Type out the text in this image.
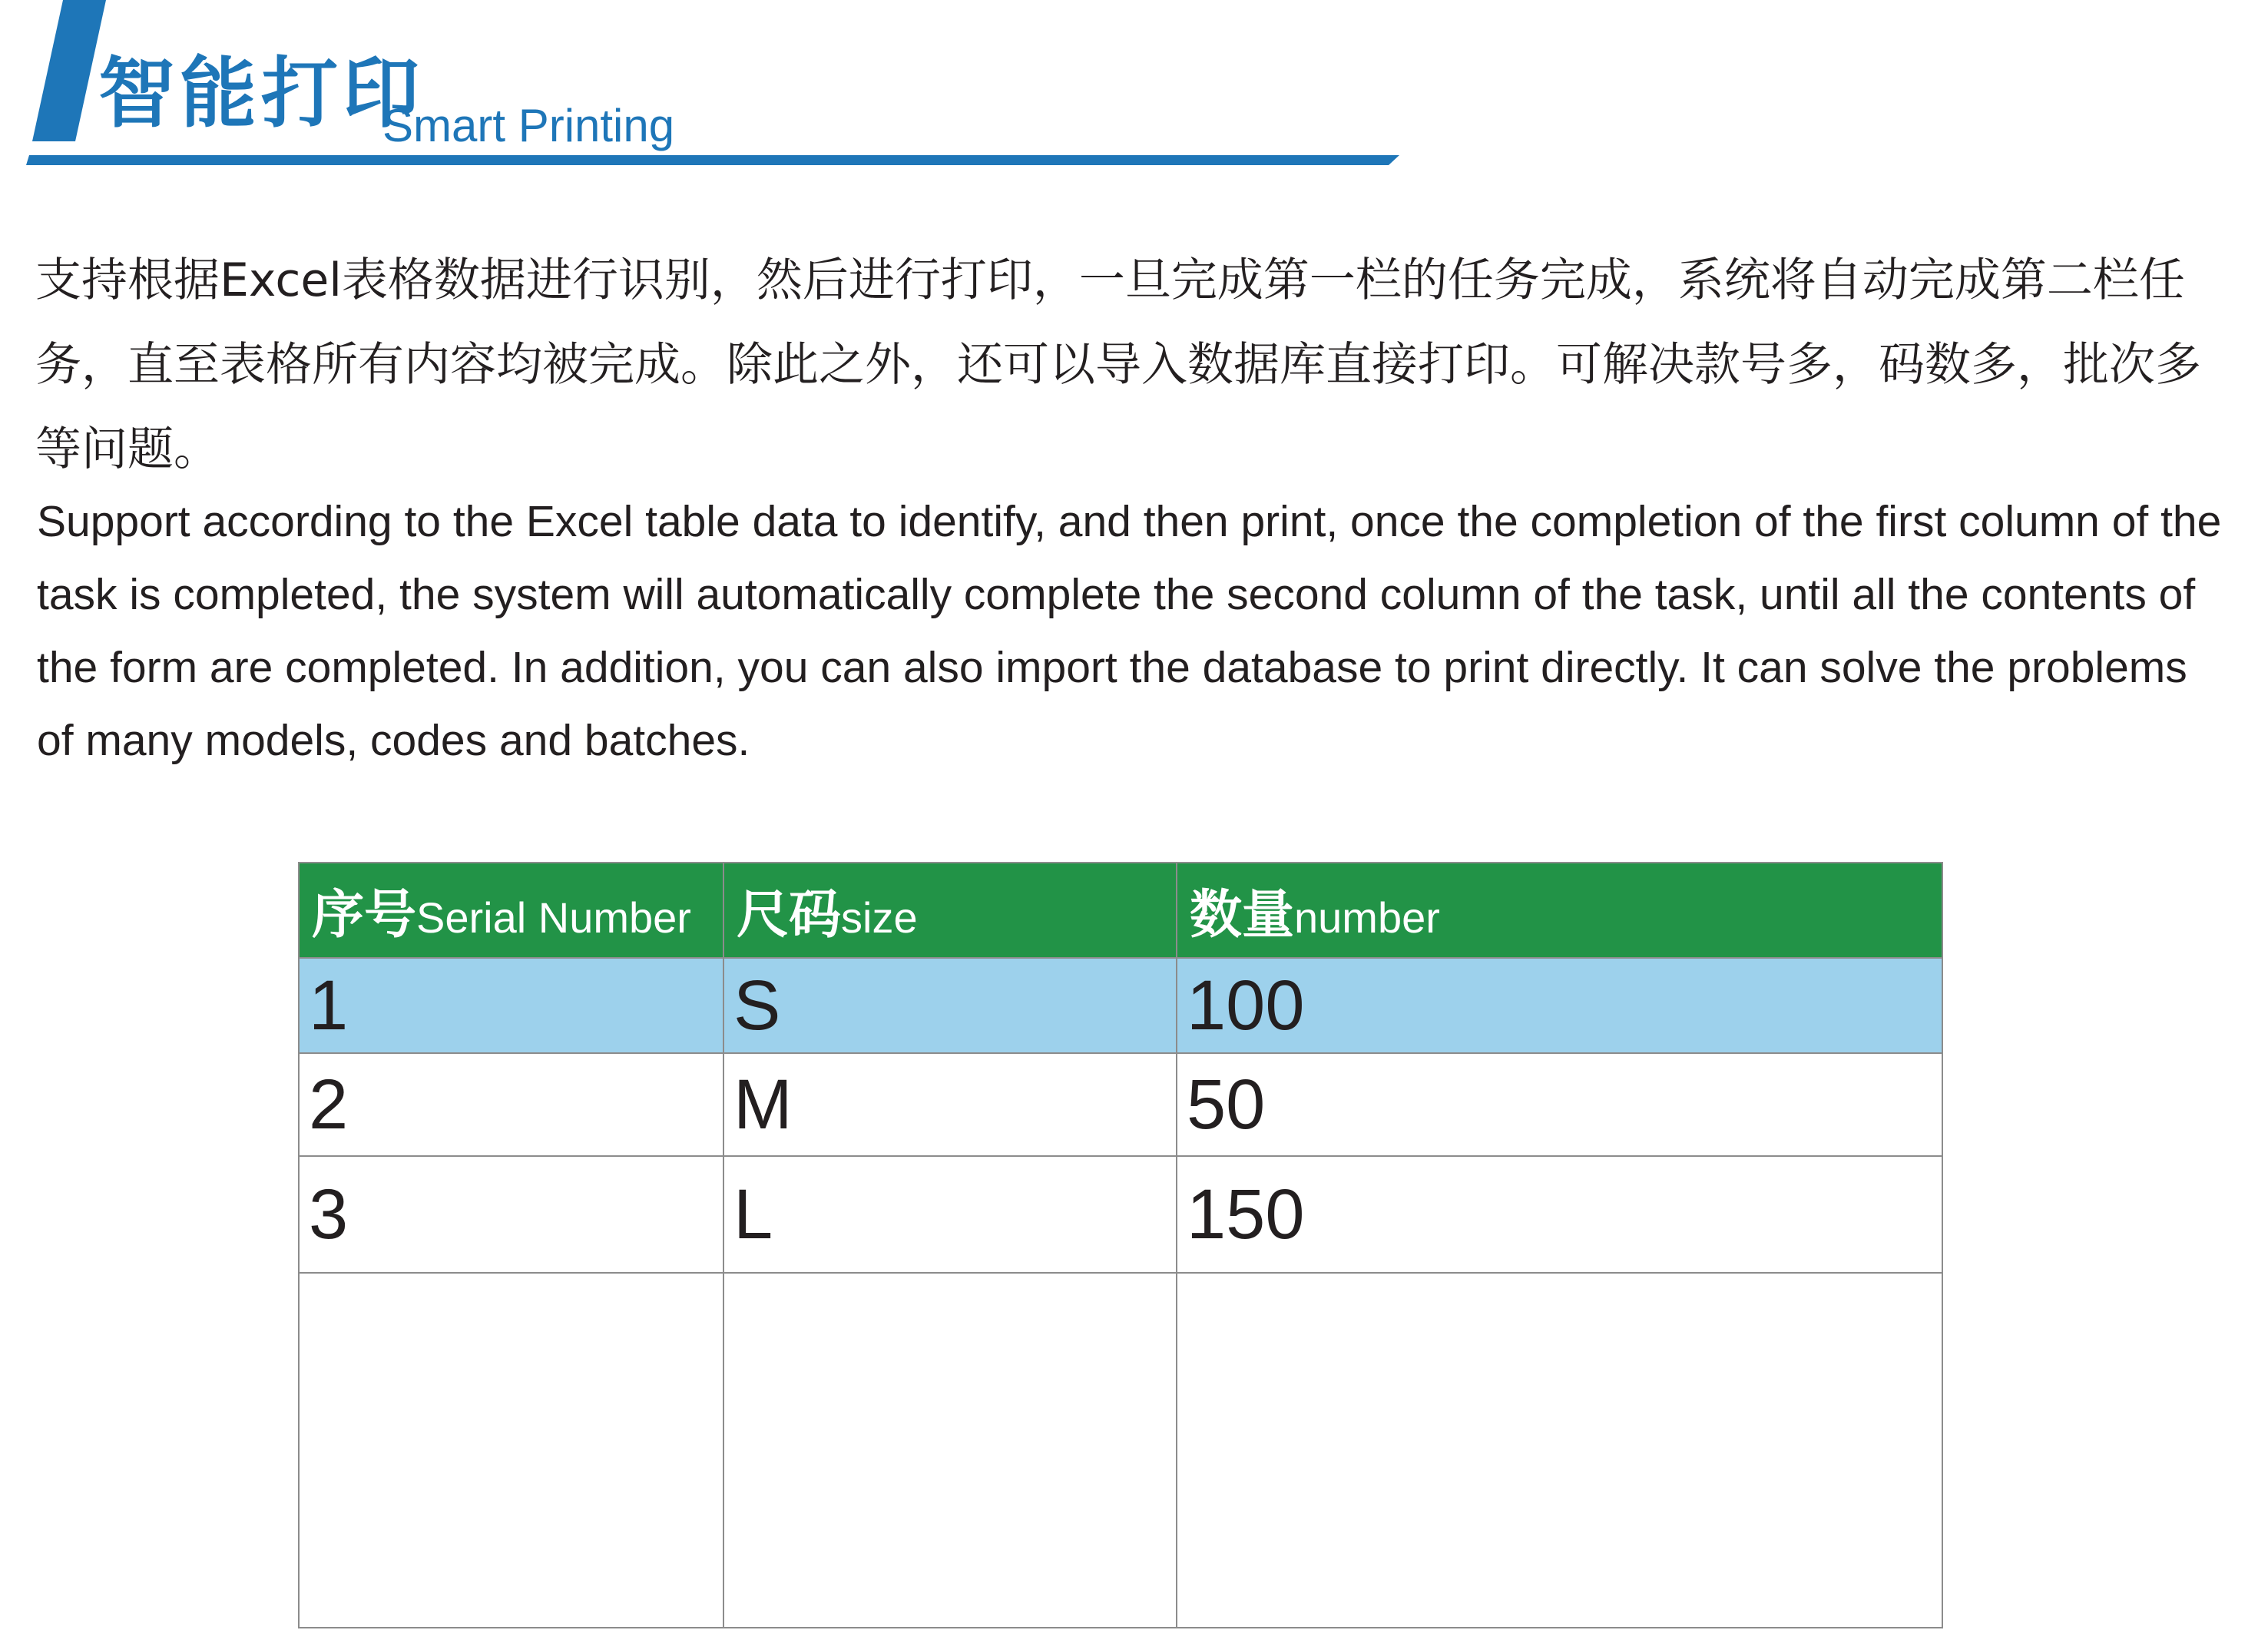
智能打印
Smart Printing

支持根据Excel表格数据进行识别，然后进行打印，一旦完成第一栏的任务完成，系统将自动完成第二栏任务，直至表格所有内容均被完成。除此之外，还可以导入数据库直接打印。可解决款号多，码数多，批次多等问题。

Support according to the Excel table data to identify, and then print, once the completion of the first column of the task is completed, the system will automatically complete the second column of the task, until all the contents of the form are completed. In addition, you can also import the database to print directly. It can solve the problems of many models, codes and batches.

序号Serial Number	尺码size	数量number
1	S	100
2	M	50
3	L	150
